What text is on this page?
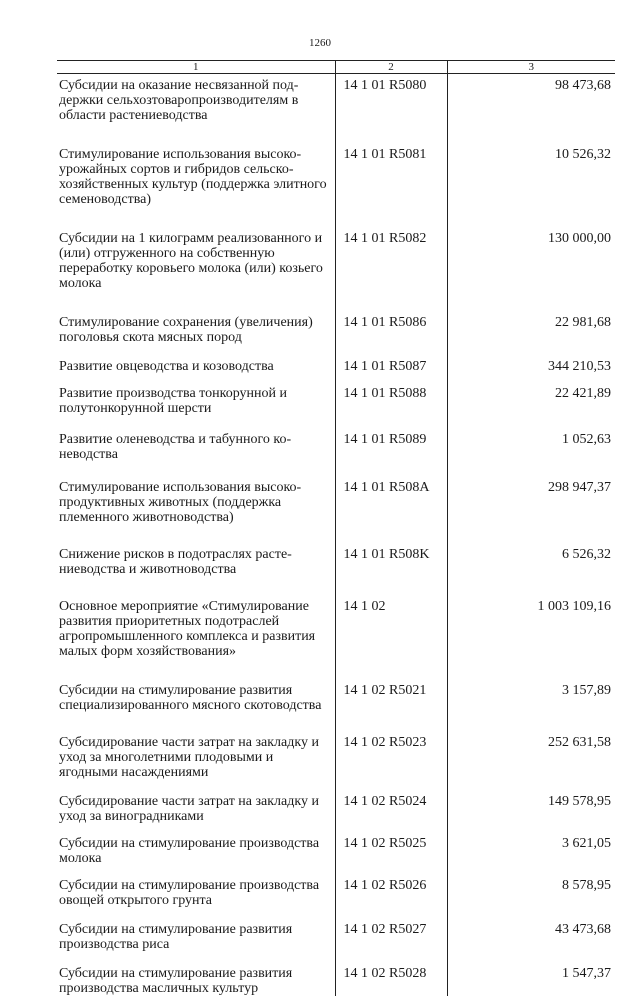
1260
1	2	3

Субсидии на оказание несвязанной поддержки сельхозтоваропроизводителям в области растениеводства	14 1 01 R5080	98 473,68
Стимулирование использования высокоурожайных сортов и гибридов сельскохозяйственных культур (поддержка элитного семеноводства)	14 1 01 R5081	10 526,32
Субсидии на 1 килограмм реализованного и (или) отгруженного на собственную переработку коровьего молока (или) козьего молока	14 1 01 R5082	130 000,00
Стимулирование сохранения (увеличения) поголовья скота мясных пород	14 1 01 R5086	22 981,68
Развитие овцеводства и козоводства	14 1 01 R5087	344 210,53
Развитие производства тонкорунной и полутонкорунной шерсти	14 1 01 R5088	22 421,89
Развитие оленеводства и табунного коневодства	14 1 01 R5089	1 052,63
Стимулирование использования высокопродуктивных животных (поддержка племенного животноводства)	14 1 01 R508A	298 947,37
Снижение рисков в подотраслях растениеводства и животноводства	14 1 01 R508K	6 526,32
Основное мероприятие «Стимулирование развития приоритетных подотраслей агропромышленного комплекса и развития малых форм хозяйствования»	14 1 02	1 003 109,16
Субсидии на стимулирование развития специализированного мясного скотоводства	14 1 02 R5021	3 157,89
Субсидирование части затрат на закладку и уход за многолетними плодовыми и ягодными насаждениями	14 1 02 R5023	252 631,58
Субсидирование части затрат на закладку и уход за виноградниками	14 1 02 R5024	149 578,95
Субсидии на стимулирование производства молока	14 1 02 R5025	3 621,05
Субсидии на стимулирование производства овощей открытого грунта	14 1 02 R5026	8 578,95
Субсидии на стимулирование развития производства риса	14 1 02 R5027	43 473,68
Субсидии на стимулирование развития производства масличных культур	14 1 02 R5028	1 547,37
